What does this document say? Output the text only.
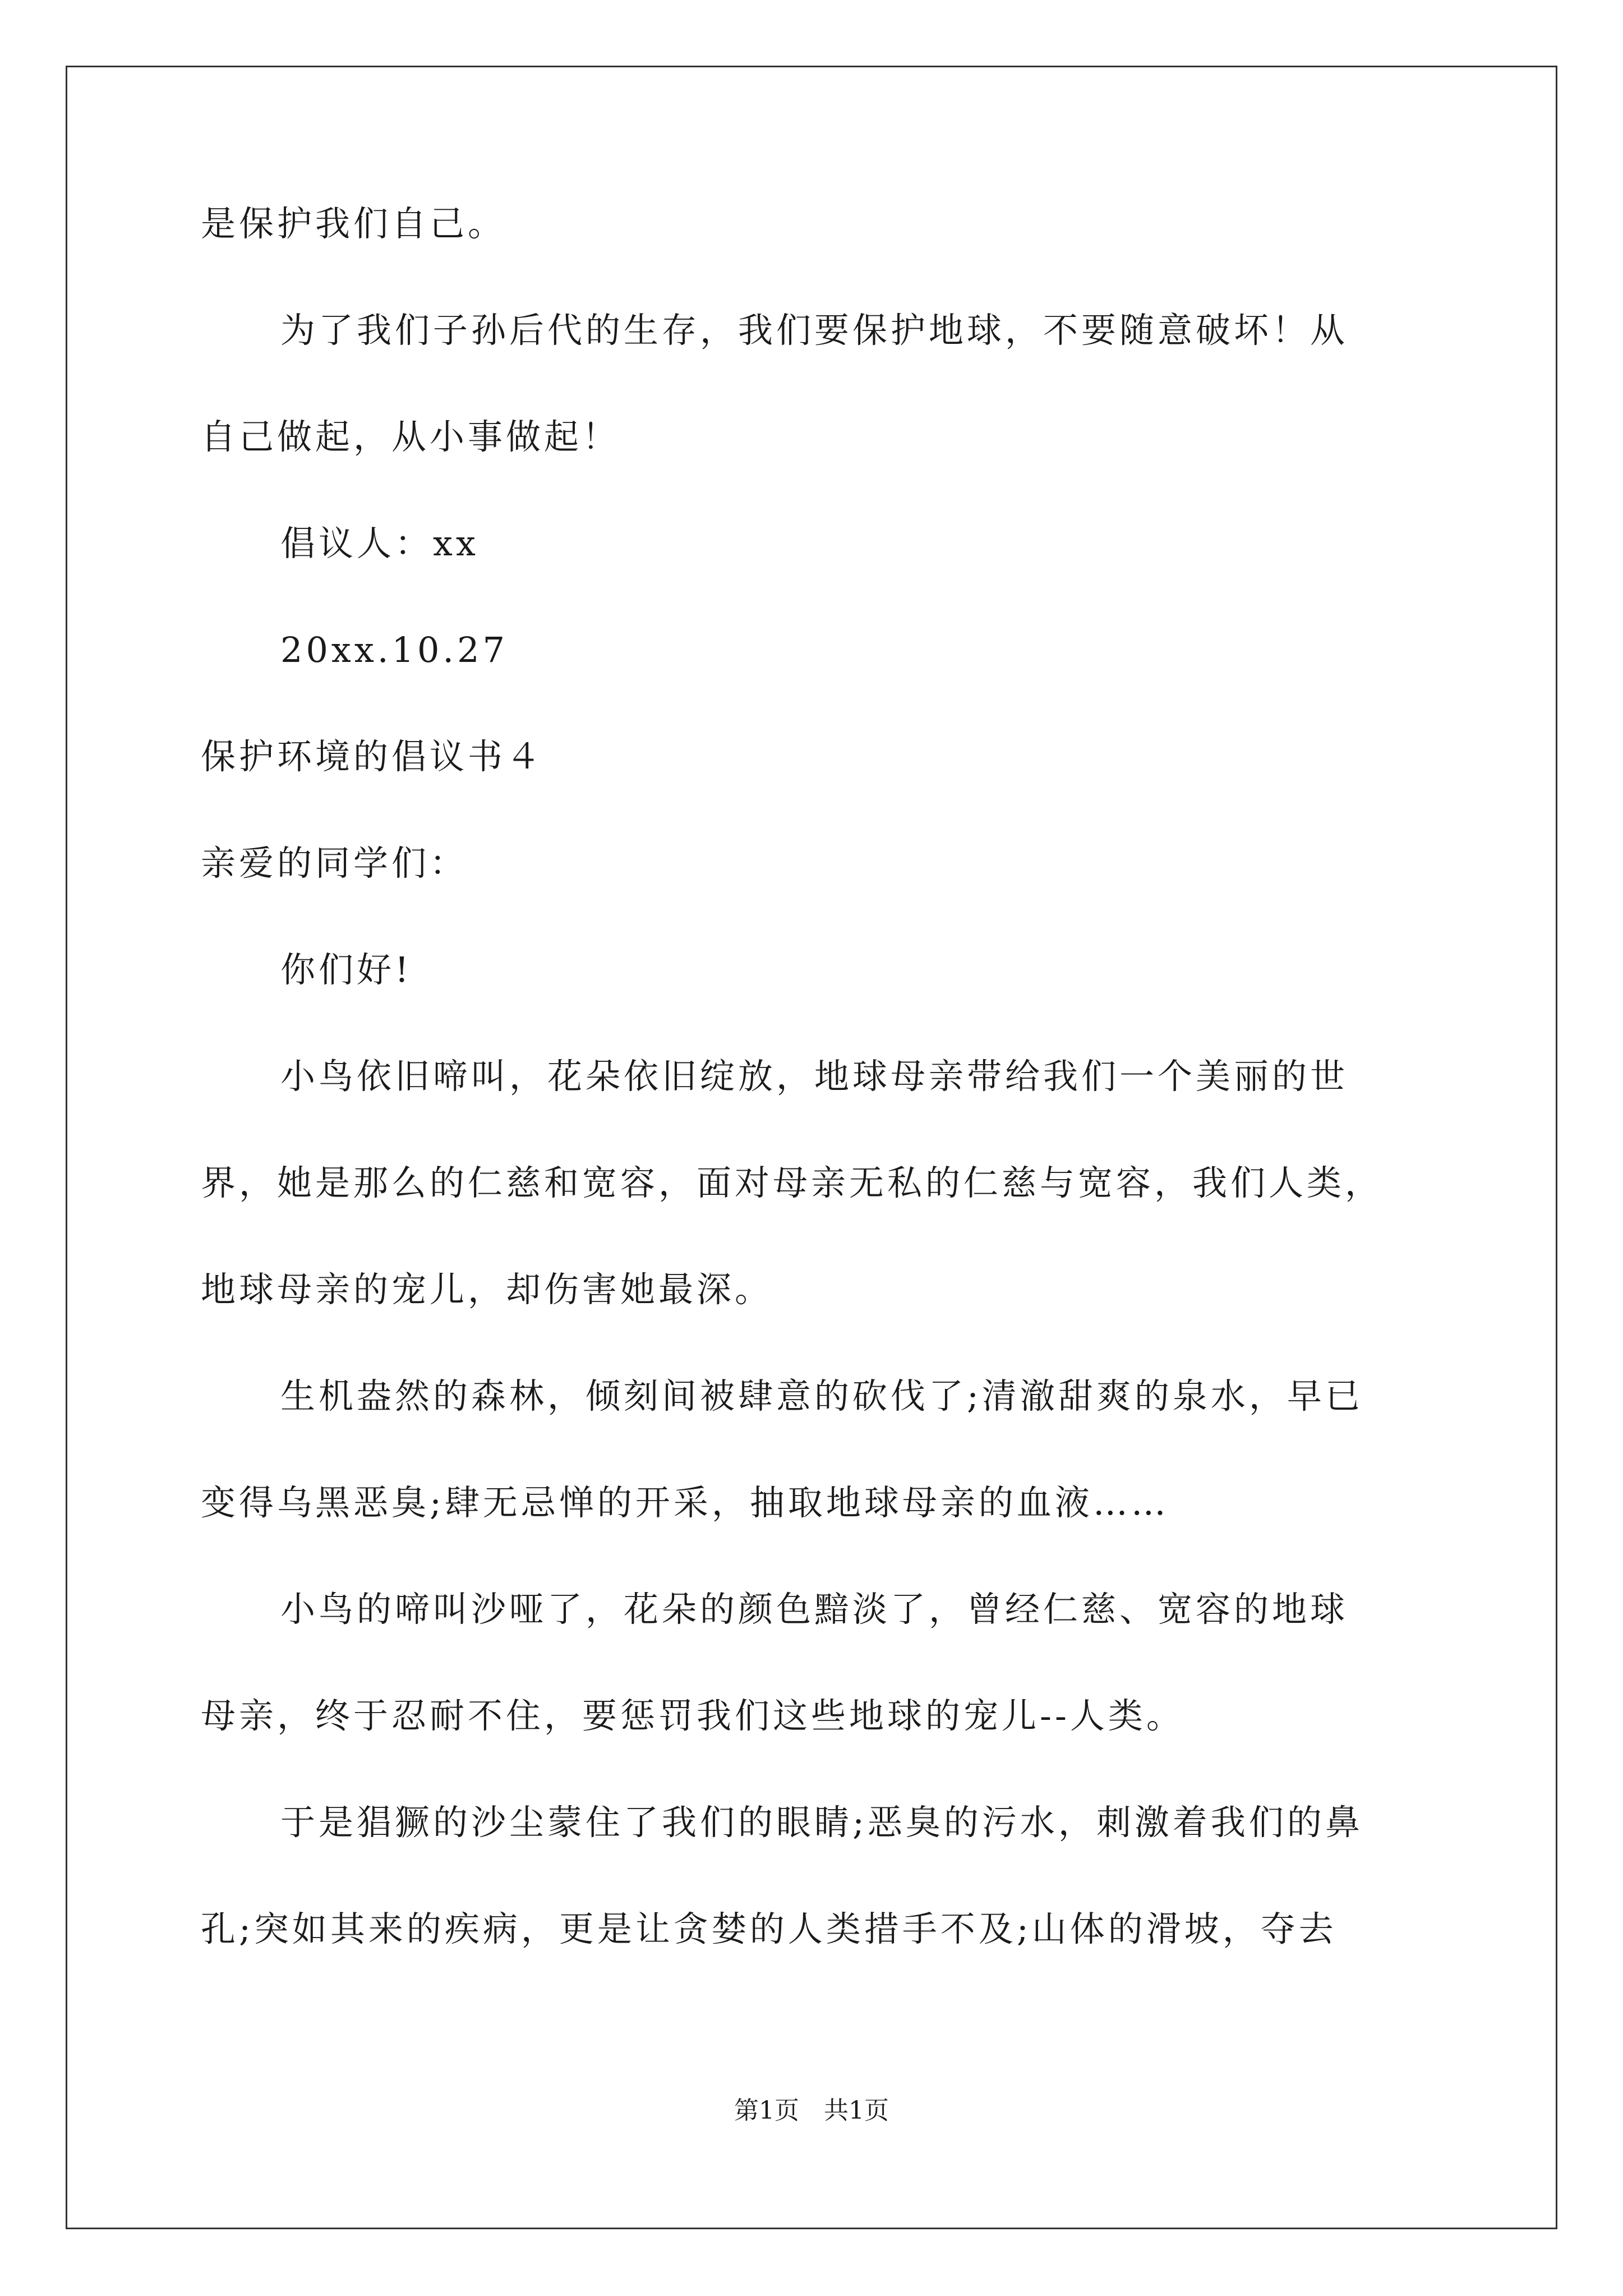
是保护我们自己。
为了我们子孙后代的生存，我们要保护地球，不要随意破坏！从
自己做起，从小事做起！
倡议人：xx
20xx.10.27
保护环境的倡议书４
亲爱的同学们：
你们好!
小鸟依旧啼叫，花朵依旧绽放，地球母亲带给我们一个美丽的世
界，她是那么的仁慈和宽容，面对母亲无私的仁慈与宽容，我们人类，
地球母亲的宠儿，却伤害她最深。
生机盎然的森林，倾刻间被肆意的砍伐了;清澈甜爽的泉水，早已
变得乌黑恶臭;肆无忌惮的开采，抽取地球母亲的血液……
小鸟的啼叫沙哑了，花朵的颜色黯淡了，曾经仁慈、宽容的地球
母亲，终于忍耐不住，要惩罚我们这些地球的宠儿--人类。
于是猖獗的沙尘蒙住了我们的眼睛;恶臭的污水，刺激着我们的鼻
孔;突如其来的疾病，更是让贪婪的人类措手不及;山体的滑坡，夺去
第1页　共1页
